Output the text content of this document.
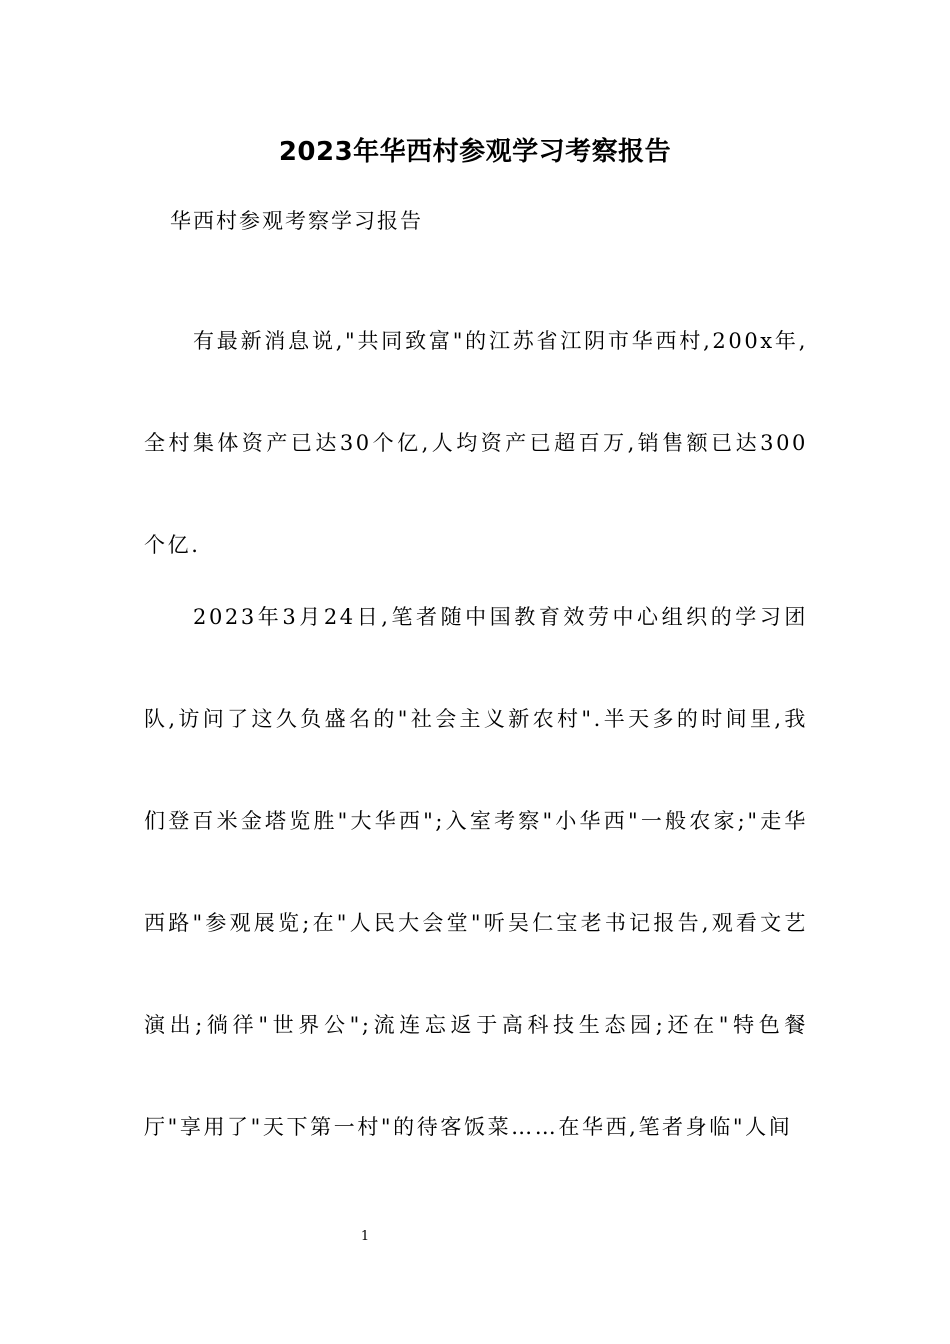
2023年华西村参观学习考察报告
华西村参观考察学习报告

有最新消息说,"共同致富"的江苏省江阴市华西村,200x年,全村集体资产已达30个亿,人均资产已超百万,销售额已达300个亿.

2023年3月24日,笔者随中国教育效劳中心组织的学习团队,访问了这久负盛名的"社会主义新农村".半天多的时间里,我们登百米金塔览胜"大华西";入室考察"小华西"一般农家;"走华西路"参观展览;在"人民大会堂"听吴仁宝老书记报告,观看文艺演出;徜徉"世界公";流连忘返于高科技生态园;还在"特色餐厅"享用了"天下第一村"的待客饭菜……在华西,笔者身临"人间

1
